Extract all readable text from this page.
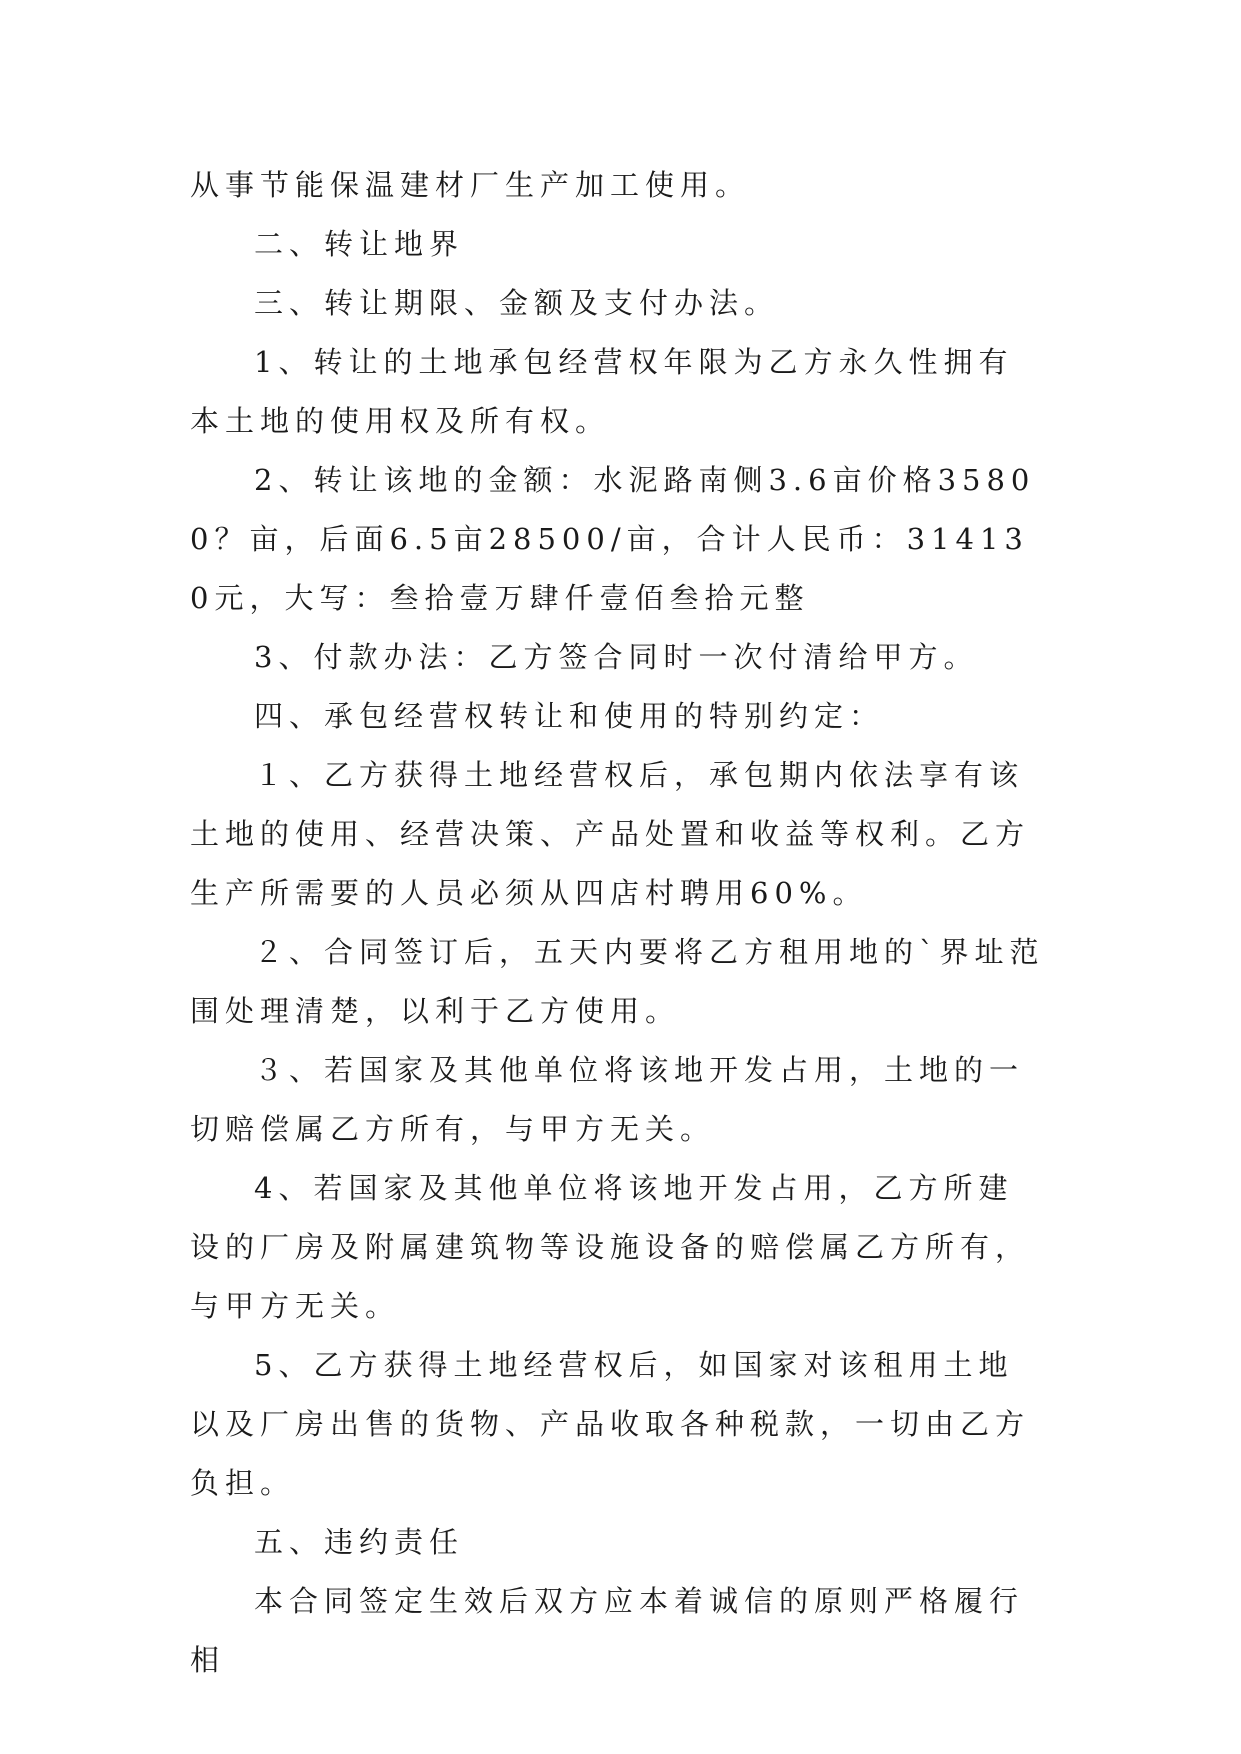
从事节能保温建材厂生产加工使用。

二、转让地界

三、转让期限、金额及支付办法。

1、转让的土地承包经营权年限为乙方永久性拥有本土地的使用权及所有权。

2、转让该地的金额：水泥路南侧3.6亩价格35800？亩，后面6.5亩28500/亩，合计人民币：314130元，大写：叁拾壹万肆仟壹佰叁拾元整

3、付款办法：乙方签合同时一次付清给甲方。

四、承包经营权转让和使用的特别约定：

１、乙方获得土地经营权后，承包期内依法享有该土地的使用、经营决策、产品处置和收益等权利。乙方生产所需要的人员必须从四店村聘用60%。

２、合同签订后，五天内要将乙方租用地的`界址范围处理清楚，以利于乙方使用。

３、若国家及其他单位将该地开发占用，土地的一切赔偿属乙方所有，与甲方无关。

4、若国家及其他单位将该地开发占用，乙方所建设的厂房及附属建筑物等设施设备的赔偿属乙方所有，与甲方无关。

5、乙方获得土地经营权后，如国家对该租用土地以及厂房出售的货物、产品收取各种税款，一切由乙方负担。

五、违约责任

本合同签定生效后双方应本着诚信的原则严格履行相
